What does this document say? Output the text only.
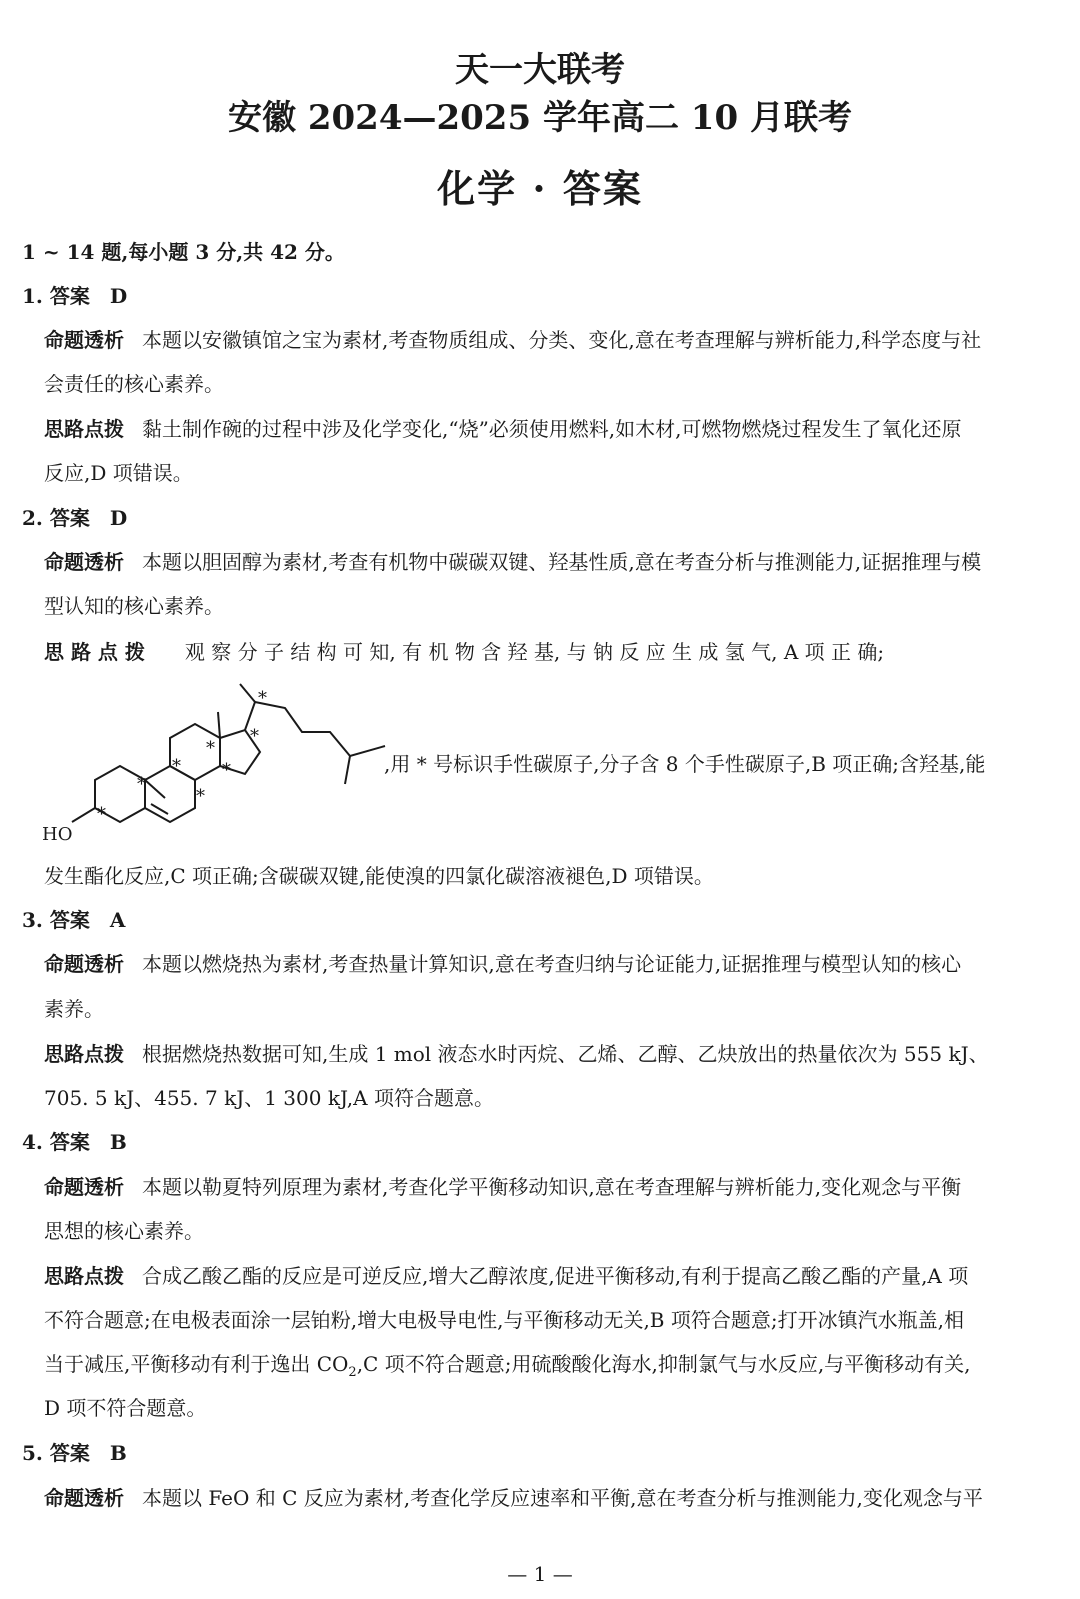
天一大联考
安徽 2024—2025 学年高二 10 月联考
化学 · 答案
1 ~ 14 题,每小题 3 分,共 42 分。
1. 答案　D
命题透析 本题以安徽镇馆之宝为素材,考查物质组成、分类、变化,意在考查理解与辨析能力,科学态度与社
会责任的核心素养。
思路点拨 黏土制作碗的过程中涉及化学变化,“烧”必须使用燃料,如木材,可燃物燃烧过程发生了氧化还原
反应,D 项错误。
2. 答案　D
命题透析 本题以胆固醇为素材,考查有机物中碳碳双键、羟基性质,意在考查分析与推测能力,证据推理与模
型认知的核心素养。
思 路 点 拨 观 察 分 子 结 构 可 知, 有 机 物 含 羟 基, 与 钠 反 应 生 成 氢 气, A 项 正 确;
HO
*
*
*
*
*
*
*
*
,用 * 号标识手性碳原子,分子含 8 个手性碳原子,B 项正确;含羟基,能
发生酯化反应,C 项正确;含碳碳双键,能使溴的四氯化碳溶液褪色,D 项错误。
3. 答案　A
命题透析 本题以燃烧热为素材,考查热量计算知识,意在考查归纳与论证能力,证据推理与模型认知的核心
素养。
思路点拨 根据燃烧热数据可知,生成 1 mol 液态水时丙烷、乙烯、乙醇、乙炔放出的热量依次为 555 kJ、
705. 5 kJ、455. 7 kJ、1 300 kJ,A 项符合题意。
4. 答案　B
命题透析 本题以勒夏特列原理为素材,考查化学平衡移动知识,意在考查理解与辨析能力,变化观念与平衡
思想的核心素养。
思路点拨 合成乙酸乙酯的反应是可逆反应,增大乙醇浓度,促进平衡移动,有利于提高乙酸乙酯的产量,A 项
不符合题意;在电极表面涂一层铂粉,增大电极导电性,与平衡移动无关,B 项符合题意;打开冰镇汽水瓶盖,相
当于减压,平衡移动有利于逸出 $CO_2,C$ 项不符合题意;用硫酸酸化海水,抑制氯气与水反应,与平衡移动有关,
D 项不符合题意。
5. 答案　B
命题透析 本题以 FeO 和 C 反应为素材,考查化学反应速率和平衡,意在考查分析与推测能力,变化观念与平
— 1 —
